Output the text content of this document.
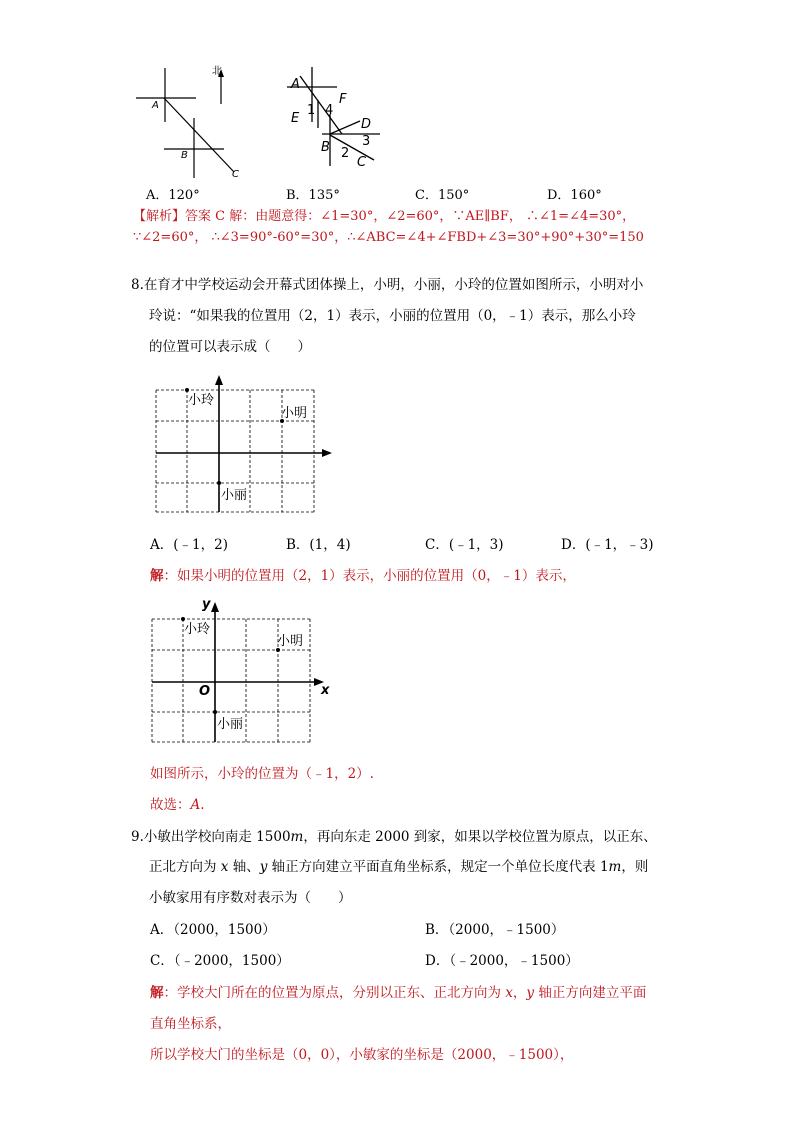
北
A
B
C
A
E
1 4
F
D
3
B 2
C
A．120°	B．135°	C．150°	D．160°
【解析】答案 C 解：由题意得：∠1=30°，∠2=60°，∵AE∥BF， ∴∠1=∠4=30°，
∵∠2=60°， ∴∠3=90°-60°=30°，∴∠ABC=∠4+∠FBD+∠3=30°+90°+30°=150
8.在育才中学校运动会开幕式团体操上，小明，小丽，小玲的位置如图所示，小明对小
玲说：“如果我的位置用（2，1）表示，小丽的位置用（0，﹣1）表示，那么小玲
的位置可以表示成（　　）
小玲
小明
小丽
A．(﹣1，2)	B．(1，4)	C．(﹣1，3)	D．(﹣1，﹣3)
解：如果小明的位置用（2，1）表示，小丽的位置用（0，﹣1）表示，
y
x
O
小玲
小明
小丽
如图所示，小玲的位置为（﹣1，2）.
故选：A.
9.小敏出学校向南走 1500m，再向东走 2000 到家，如果以学校位置为原点，以正东、
正北方向为 x 轴、y 轴正方向建立平面直角坐标系，规定一个单位长度代表 1m，则
小敏家用有序数对表示为（　　）
A．（2000，1500）	B．（2000，﹣1500）
C．（﹣2000，1500）	D．（﹣2000，﹣1500）
解：学校大门所在的位置为原点，分别以正东、正北方向为 x，y 轴正方向建立平面
直角坐标系，
所以学校大门的坐标是（0，0），小敏家的坐标是（2000，﹣1500），
